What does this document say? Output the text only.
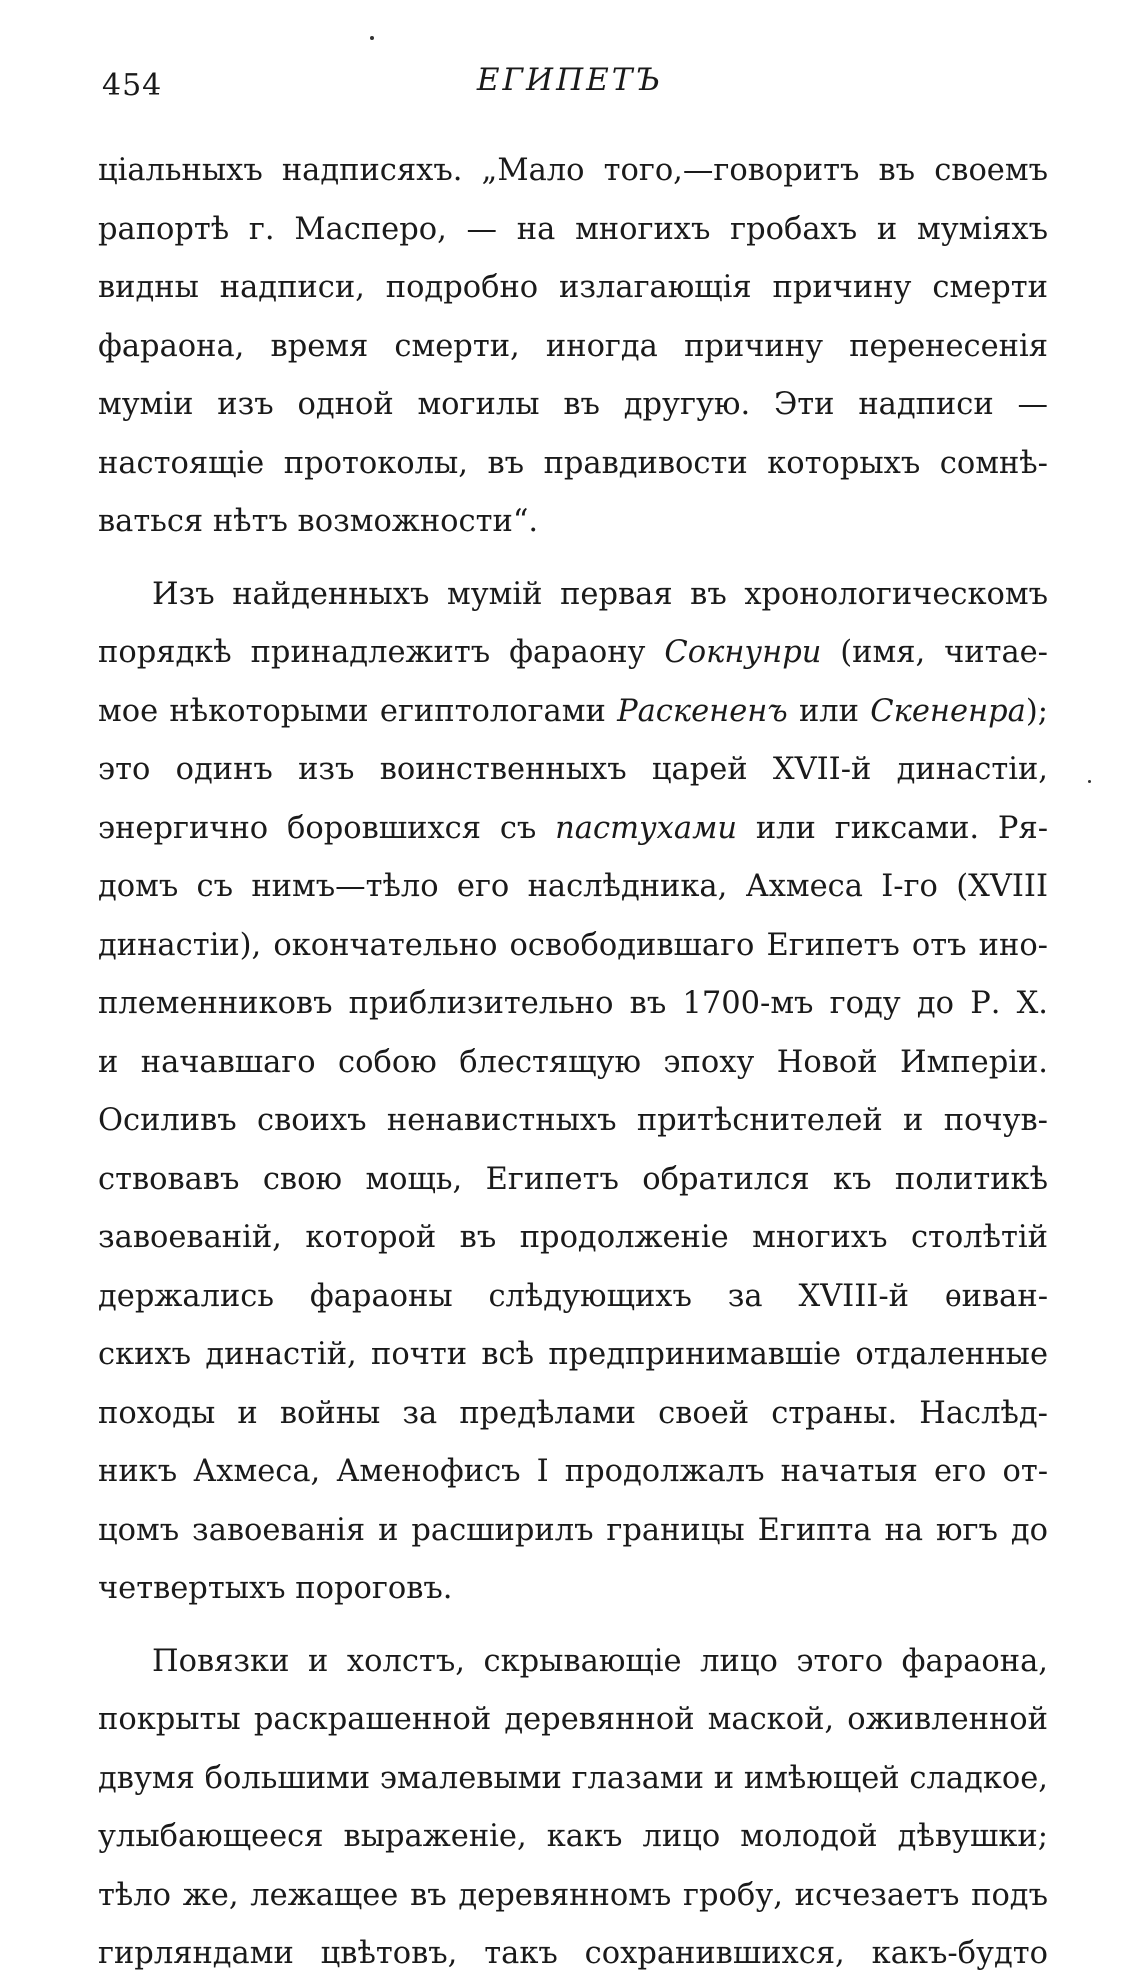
454	ЕГИПЕТЪ
ціальныхъ надписяхъ. „Мало того,—говоритъ въ своемъ
рапортѣ г. Масперо, — на многихъ гробахъ и муміяхъ
видны надписи, подробно излагающія причину смерти
фараона, время смерти, иногда причину перенесенія
муміи изъ одной могилы въ другую. Эти надписи —
настоящіе протоколы, въ правдивости которыхъ сомнѣ-
ваться нѣтъ возможности“.
Изъ найденныхъ мумій первая въ хронологическомъ
порядкѣ принадлежитъ фараону Сокнунри (имя, читае-
мое нѣкоторыми египтологами Раскененъ или Скененра);
это одинъ изъ воинственныхъ царей XVII-й династіи,
энергично боровшихся съ пастухами или гиксами. Ря-
домъ съ нимъ—тѣло его наслѣдника, Ахмеса I-го (XVIII
династіи), окончательно освободившаго Египетъ отъ ино-
племенниковъ приблизительно въ 1700-мъ году до Р. Х.
и начавшаго собою блестящую эпоху Новой Имперіи.
Осиливъ своихъ ненавистныхъ притѣснителей и почув-
ствовавъ свою мощь, Египетъ обратился къ политикѣ
завоеваній, которой въ продолженіе многихъ столѣтій
держались фараоны слѣдующихъ за XVIII-й ѳиван-
скихъ династій, почти всѣ предпринимавшіе отдаленные
походы и войны за предѣлами своей страны. Наслѣд-
никъ Ахмеса, Аменофисъ I продолжалъ начатыя его от-
цомъ завоеванія и расширилъ границы Египта на югъ до
четвертыхъ пороговъ.
Повязки и холстъ, скрывающіе лицо этого фараона,
покрыты раскрашенной деревянной маской, оживленной
двумя большими эмалевыми глазами и имѣющей сладкое,
улыбающееся выраженіе, какъ лицо молодой дѣвушки;
тѣло же, лежащее въ деревянномъ гробу, исчезаетъ подъ
гирляндами цвѣтовъ, такъ сохранившихся, какъ-будто
